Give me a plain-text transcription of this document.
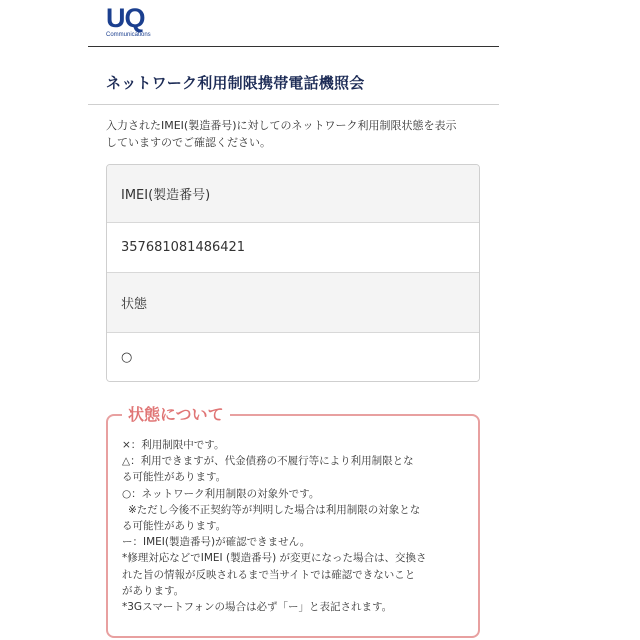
UQ
Communications
ネットワーク利用制限携帯電話機照会
入力されたIMEI(製造番号)に対してのネットワーク利用制限状態を表示
していますのでご確認ください。
IMEI(製造番号)
357681081486421
状態
○
状態について
×：利用制限中です。
△：利用できますが、代金債務の不履行等により利用制限とな
る可能性があります。
○：ネットワーク利用制限の対象外です。
※ただし今後不正契約等が判明した場合は利用制限の対象とな
る可能性があります。
ー：IMEI(製造番号)が確認できません。
*修理対応などでIMEI (製造番号) が変更になった場合は、交換さ
れた旨の情報が反映されるまで当サイトでは確認できないこと
があります。
*3Gスマートフォンの場合は必ず「ー」と表記されます。
